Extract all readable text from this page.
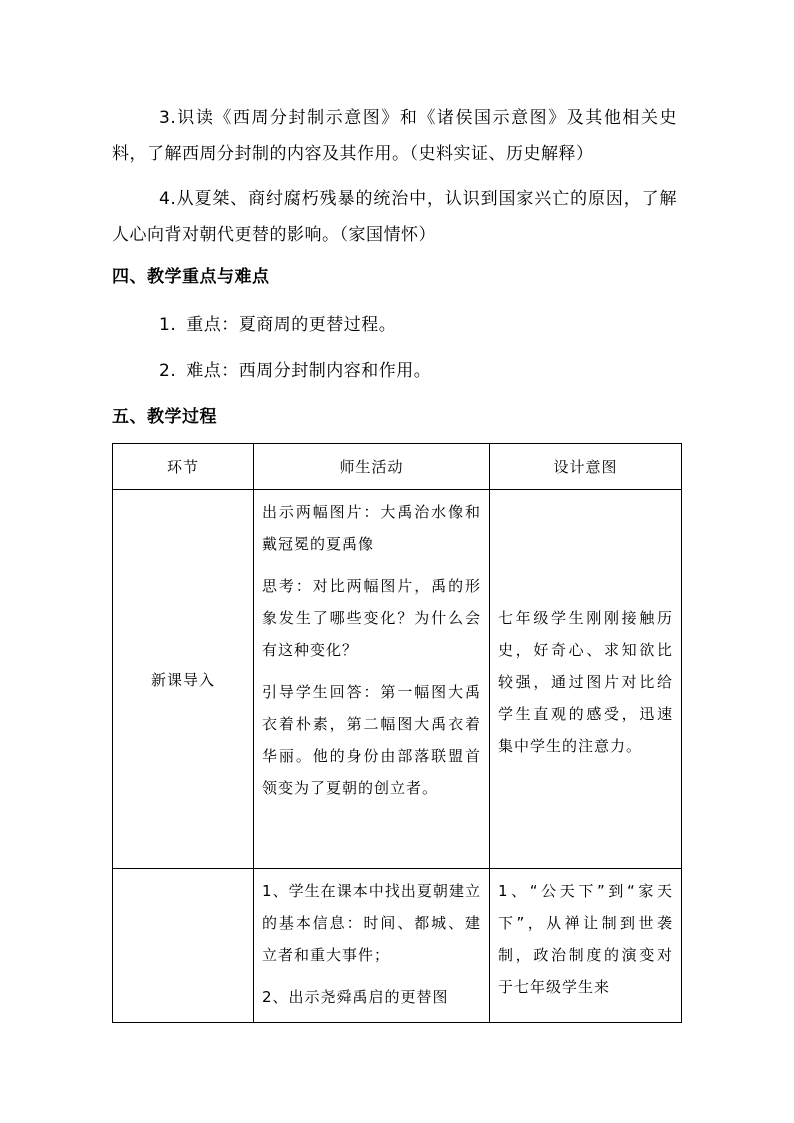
3.识读《西周分封制示意图》和《诸侯国示意图》及其他相关史料，了解西周分封制的内容及其作用。（史料实证、历史解释）

4.从夏桀、商纣腐朽残暴的统治中，认识到国家兴亡的原因，了解人心向背对朝代更替的影响。（家国情怀）

四、教学重点与难点

1. 重点：夏商周的更替过程。

2. 难点：西周分封制内容和作用。

五、教学过程
环节	师生活动	设计意图
新课导入	出示两幅图片：大禹治水像和戴冠冕的夏禹像

思考：对比两幅图片，禹的形象发生了哪些变化？为什么会有这种变化？

引导学生回答：第一幅图大禹衣着朴素，第二幅图大禹衣着华丽。他的身份由部落联盟首领变为了夏朝的创立者。	七年级学生刚刚接触历史，好奇心、求知欲比较强，通过图片对比给学生直观的感受，迅速集中学生的注意力。

	1、学生在课本中找出夏朝建立的基本信息：时间、都城、建立者和重大事件；

2、出示尧舜禹启的更替图	1、“公天下”到“家天下”，从禅让制到世袭制，政治制度的演变对于七年级学生来
